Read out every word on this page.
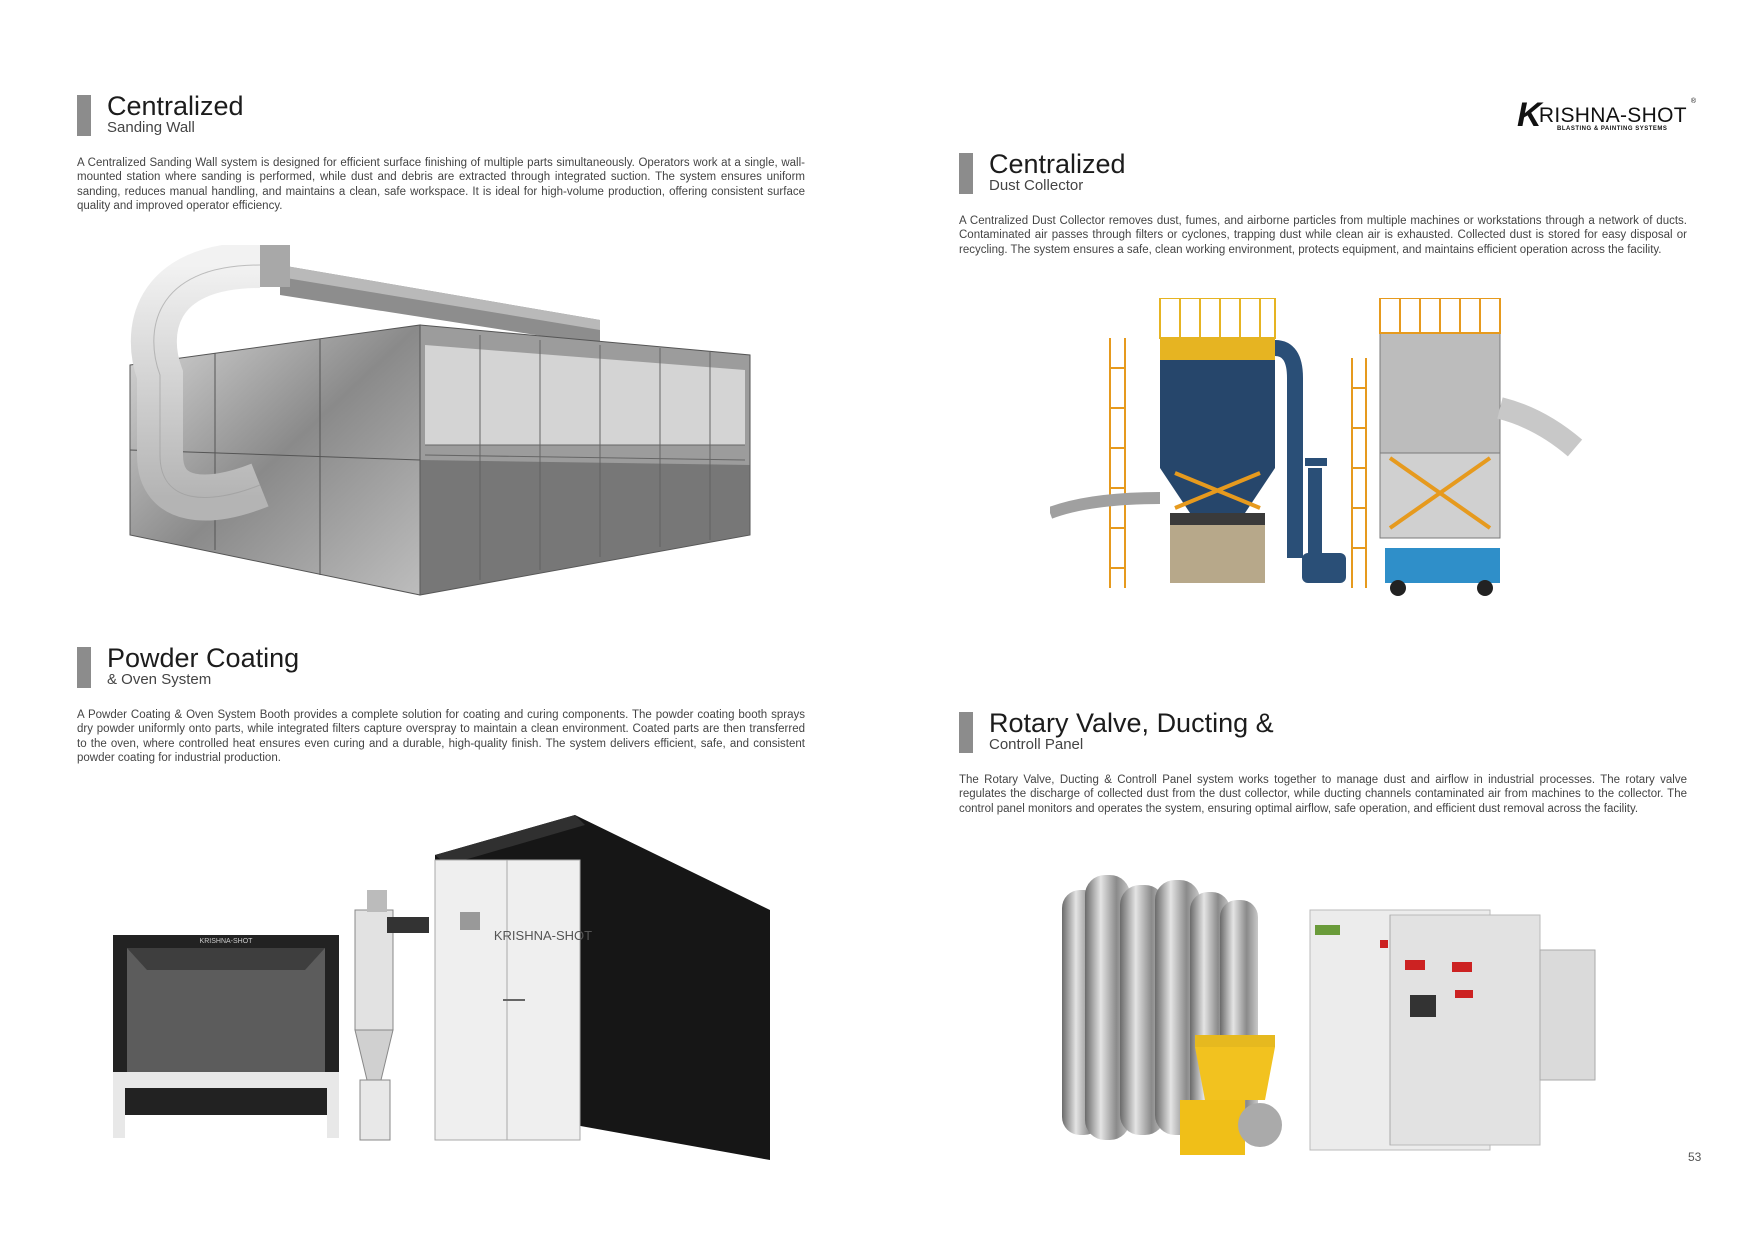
KRISHNA-SHOT
®
BLASTING & PAINTING SYSTEMS
Centralized
Sanding Wall
A Centralized Sanding Wall system is designed for efficient surface finishing of multiple parts simultaneously. Operators work at a single, wall-mounted station where sanding is performed, while dust and debris are extracted through integrated suction. The system ensures uniform sanding, reduces manual handling, and maintains a clean, safe workspace. It is ideal for high-volume production, offering consistent surface quality and improved operator efficiency.
Centralized
Dust Collector
A Centralized Dust Collector removes dust, fumes, and airborne particles from multiple machines or workstations through a network of ducts. Contaminated air passes through filters or cyclones, trapping dust while clean air is exhausted. Collected dust is stored for easy disposal or recycling. The system ensures a safe, clean working environment, protects equipment, and maintains efficient operation across the facility.
Powder Coating
& Oven System
A Powder Coating & Oven System Booth provides a complete solution for coating and curing components. The powder coating booth sprays dry powder uniformly onto parts, while integrated filters capture overspray to maintain a clean environment. Coated parts are then transferred to the oven, where controlled heat ensures even curing and a durable, high-quality finish. The system delivers efficient, safe, and consistent powder coating for industrial production.
Rotary Valve, Ducting &
Controll Panel
The Rotary Valve, Ducting & Controll Panel system works together to manage dust and airflow in industrial processes. The rotary valve regulates the discharge of collected dust from the dust collector, while ducting channels contaminated air from machines to the collector. The control panel monitors and operates the system, ensuring optimal airflow, safe operation, and efficient dust removal across the facility.
KRISHNA-SHOT	KRISHNA-SHOT
53
